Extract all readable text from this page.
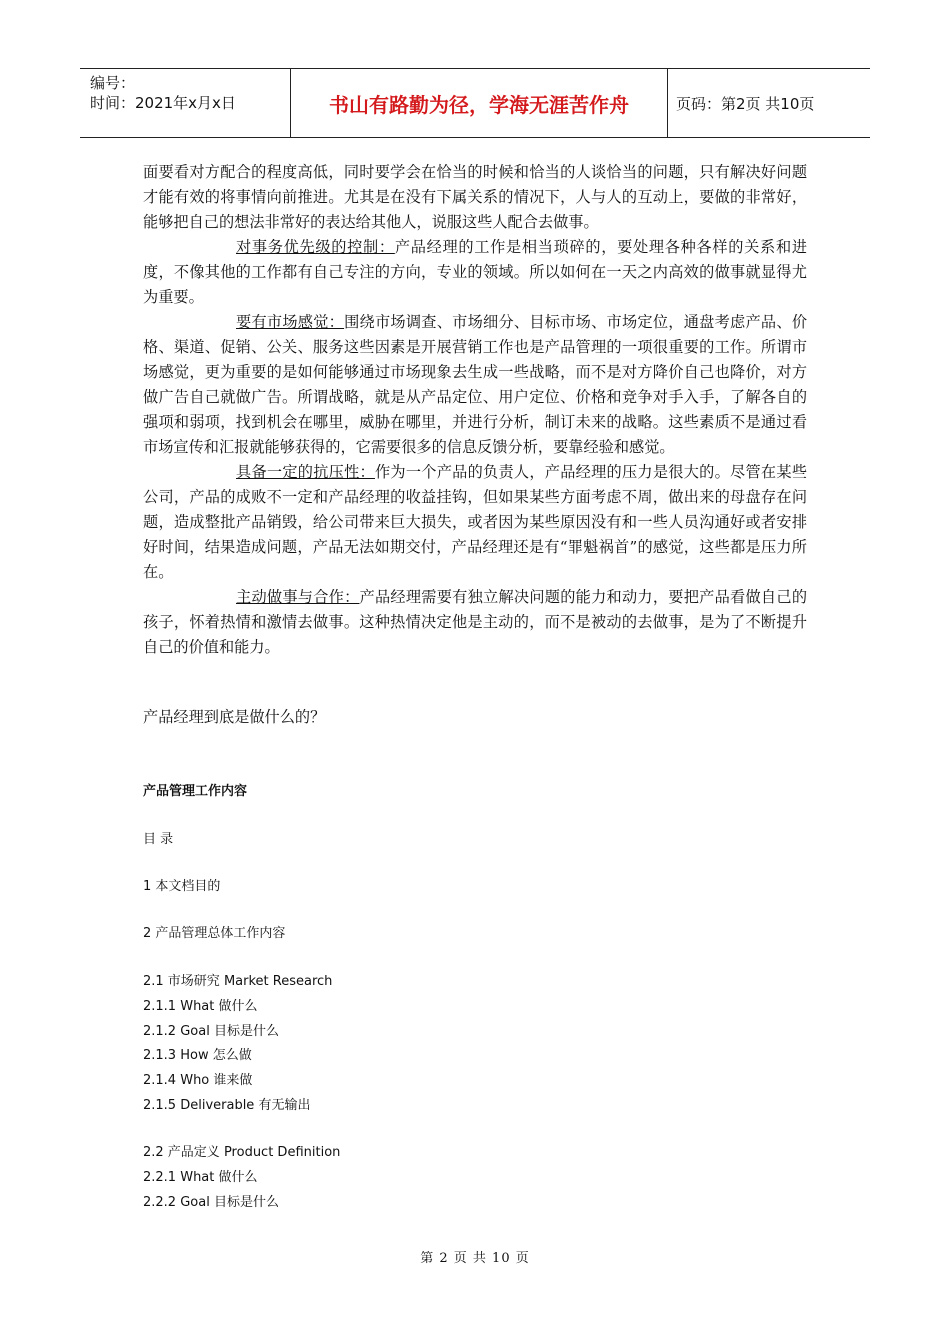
编号：
时间：2021年x月x日	书山有路勤为径，学海无涯苦作舟	页码：第2页 共10页

面要看对方配合的程度高低，同时要学会在恰当的时候和恰当的人谈恰当的问题，只有解决好问题才能有效的将事情向前推进。尤其是在没有下属关系的情况下，人与人的互动上，要做的非常好，能够把自己的想法非常好的表达给其他人，说服这些人配合去做事。

对事务优先级的控制：产品经理的工作是相当琐碎的，要处理各种各样的关系和进度，不像其他的工作都有自己专注的方向，专业的领域。所以如何在一天之内高效的做事就显得尤为重要。

要有市场感觉：围绕市场调查、市场细分、目标市场、市场定位，通盘考虑产品、价格、渠道、促销、公关、服务这些因素是开展营销工作也是产品管理的一项很重要的工作。所谓市场感觉，更为重要的是如何能够通过市场现象去生成一些战略，而不是对方降价自己也降价，对方做广告自己就做广告。所谓战略，就是从产品定位、用户定位、价格和竞争对手入手，了解各自的强项和弱项，找到机会在哪里，威胁在哪里，并进行分析，制订未来的战略。这些素质不是通过看市场宣传和汇报就能够获得的，它需要很多的信息反馈分析，要靠经验和感觉。

具备一定的抗压性：作为一个产品的负责人，产品经理的压力是很大的。尽管在某些公司，产品的成败不一定和产品经理的收益挂钩，但如果某些方面考虑不周，做出来的母盘存在问题，造成整批产品销毁，给公司带来巨大损失，或者因为某些原因没有和一些人员沟通好或者安排好时间，结果造成问题，产品无法如期交付，产品经理还是有“罪魁祸首”的感觉，这些都是压力所在。

主动做事与合作：产品经理需要有独立解决问题的能力和动力，要把产品看做自己的孩子，怀着热情和激情去做事。这种热情决定他是主动的，而不是被动的去做事，是为了不断提升自己的价值和能力。

产品经理到底是做什么的？
产品管理工作内容
目 录
1 本文档目的
2 产品管理总体工作内容
2.1 市场研究 Market Research
2.1.1 What 做什么
2.1.2 Goal 目标是什么
2.1.3 How 怎么做
2.1.4 Who 谁来做
2.1.5 Deliverable 有无输出
2.2 产品定义 Product Definition
2.2.1 What 做什么
2.2.2 Goal 目标是什么
第 2 页 共 10 页
